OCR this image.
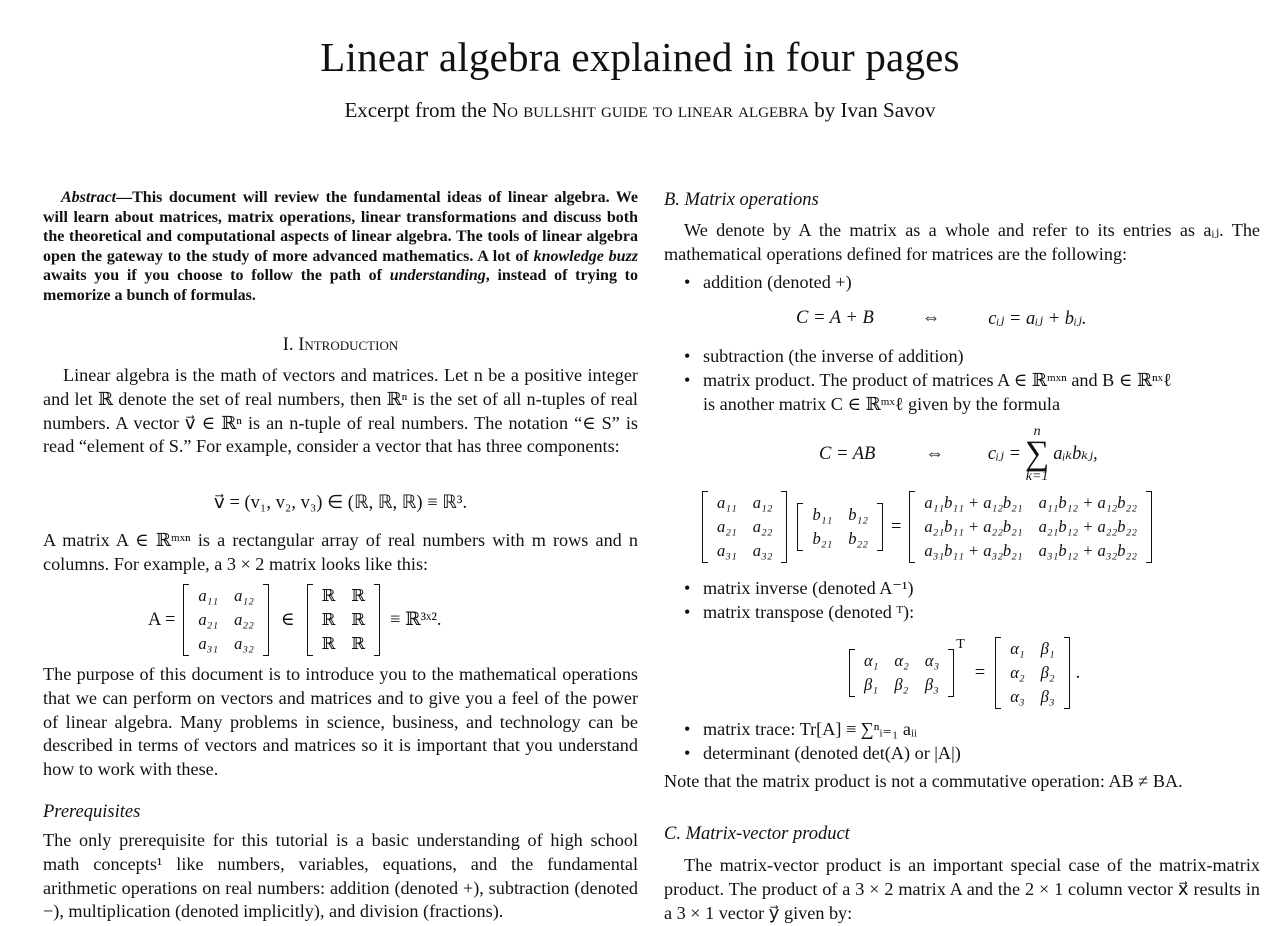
Linear algebra explained in four pages
Excerpt from the No bullshit guide to linear algebra by Ivan Savov

Abstract—This document will review the fundamental ideas of linear algebra. We will learn about matrices, matrix operations, linear transformations and discuss both the theoretical and computational aspects of linear algebra. The tools of linear algebra open the gateway to the study of more advanced mathematics. A lot of knowledge buzz awaits you if you choose to follow the path of understanding, instead of trying to memorize a bunch of formulas.

I. Introduction

Linear algebra is the math of vectors and matrices. Let n be a positive integer and let ℝ denote the set of real numbers, then ℝⁿ is the set of all n-tuples of real numbers. A vector v⃗ ∈ ℝⁿ is an n-tuple of real numbers. The notation “∈ S” is read “element of S.” For example, consider a vector that has three components:

v⃗ = (v₁, v₂, v₃) ∈ (ℝ, ℝ, ℝ) ≡ ℝ³.

A matrix A ∈ ℝᵐˣⁿ is a rectangular array of real numbers with m rows and n columns. For example, a 3 × 2 matrix looks like this:

A =
a₁₁	a₁₂
a₂₁	a₂₂
a₃₁	a₃₂
∈
ℝ	ℝ
ℝ	ℝ
ℝ	ℝ
≡ ℝ³ˣ².

The purpose of this document is to introduce you to the mathematical operations that we can perform on vectors and matrices and to give you a feel of the power of linear algebra. Many problems in science, business, and technology can be described in terms of vectors and matrices so it is important that you understand how to work with these.

Prerequisites

The only prerequisite for this tutorial is a basic understanding of high school math concepts¹ like numbers, variables, equations, and the fundamental arithmetic operations on real numbers: addition (denoted +), subtraction (denoted −), multiplication (denoted implicitly), and division (fractions).

B. Matrix operations

We denote by A the matrix as a whole and refer to its entries as aᵢⱼ. The mathematical operations defined for matrices are the following:

• addition (denoted +)
C = A + B	⇔	cᵢⱼ = aᵢⱼ + bᵢⱼ.
• subtraction (the inverse of addition)
• matrix product. The product of matrices A ∈ ℝᵐˣⁿ and B ∈ ℝⁿˣℓ
is another matrix C ∈ ℝᵐˣℓ given by the formula
C = AB	⇔ cᵢⱼ =
n
∑
k=1
aᵢₖbₖⱼ,
a₁₁	a₁₂
a₂₁	a₂₂
a₃₁	a₃₂
b₁₁	b₁₂
b₂₁	b₂₂
=
a₁₁b₁₁ + a₁₂b₂₁	a₁₁b₁₂ + a₁₂b₂₂
a₂₁b₁₁ + a₂₂b₂₁	a₂₁b₁₂ + a₂₂b₂₂
a₃₁b₁₁ + a₃₂b₂₁	a₃₁b₁₂ + a₃₂b₂₂
• matrix inverse (denoted A⁻¹)
• matrix transpose (denoted ᵀ):
α₁	α₂	α₃
β₁	β₂	β₃
$^T$
=
α₁	β₁
α₂	β₂
α₃	β₃
.
• matrix trace: Tr[A] ≡ ∑ⁿᵢ₌₁ aᵢᵢ
• determinant (denoted det(A) or |A|)

Note that the matrix product is not a commutative operation: AB ≠ BA.

C. Matrix-vector product

The matrix-vector product is an important special case of the matrix-matrix product. The product of a 3 × 2 matrix A and the 2 × 1 column vector x⃗ results in a 3 × 1 vector y⃗ given by:
